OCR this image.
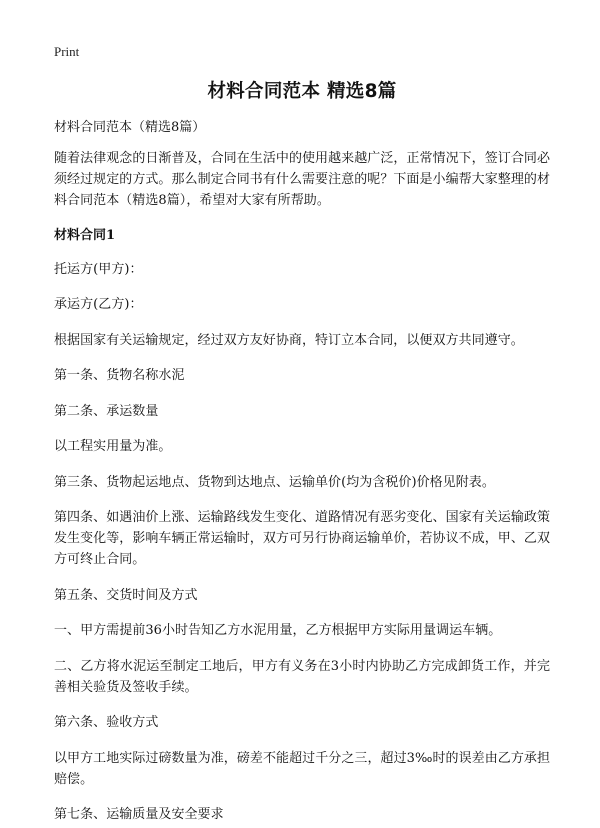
Print
材料合同范本 精选8篇
材料合同范本（精选8篇）
随着法律观念的日渐普及，合同在生活中的使用越来越广泛，正常情况下，签订合同必须经过规定的方式。那么制定合同书有什么需要注意的呢？下面是小编帮大家整理的材料合同范本（精选8篇），希望对大家有所帮助。
材料合同1
托运方(甲方)：
承运方(乙方)：
根据国家有关运输规定，经过双方友好协商，特订立本合同，以便双方共同遵守。
第一条、货物名称水泥
第二条、承运数量
以工程实用量为准。
第三条、货物起运地点、货物到达地点、运输单价(均为含税价)价格见附表。
第四条、如遇油价上涨、运输路线发生变化、道路情况有恶劣变化、国家有关运输政策发生变化等，影响车辆正常运输时，双方可另行协商运输单价，若协议不成，甲、乙双方可终止合同。
第五条、交货时间及方式
一、甲方需提前36小时告知乙方水泥用量，乙方根据甲方实际用量调运车辆。
二、乙方将水泥运至制定工地后，甲方有义务在3小时内协助乙方完成卸货工作，并完善相关验货及签收手续。
第六条、验收方式
以甲方工地实际过磅数量为准，磅差不能超过千分之三，超过3‰时的误差由乙方承担赔偿。
第七条、运输质量及安全要求
